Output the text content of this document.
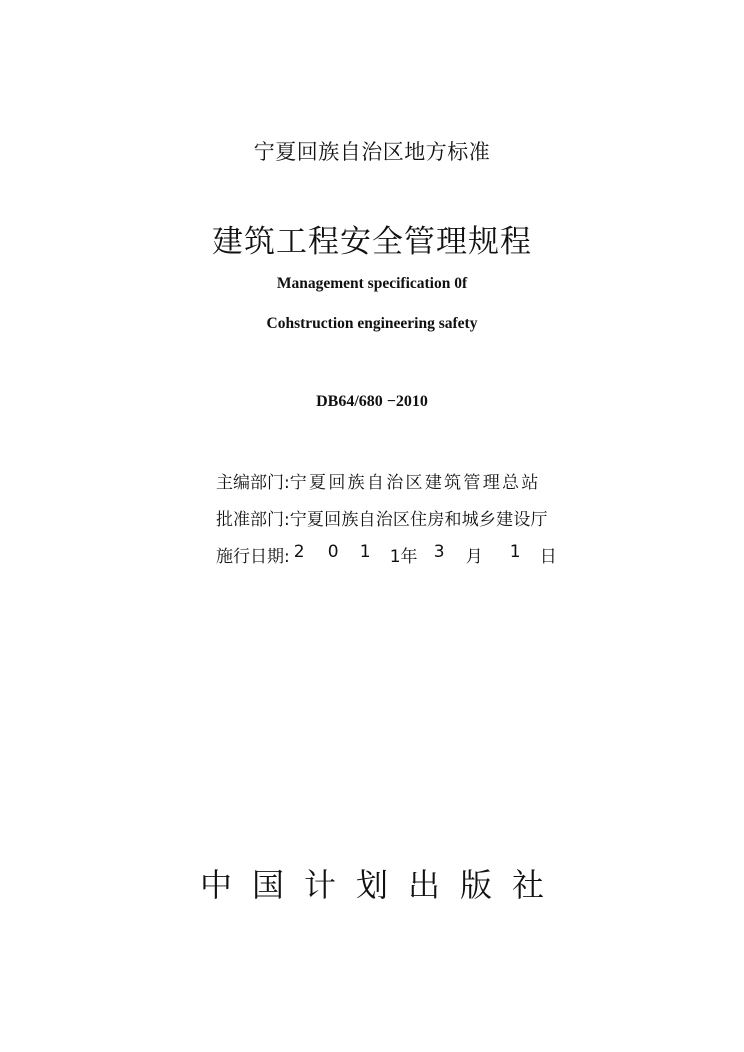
宁夏回族自治区地方标准
建筑工程安全管理规程
Management specification 0f
Cohstruction engineering safety
DB64/680 −2010
主编部门:宁夏回族自治区建筑管理总站
批准部门:宁夏回族自治区住房和城乡建设厅
施行日期: 2 0 1 1年 3 月 1 日
中国计划出版社
